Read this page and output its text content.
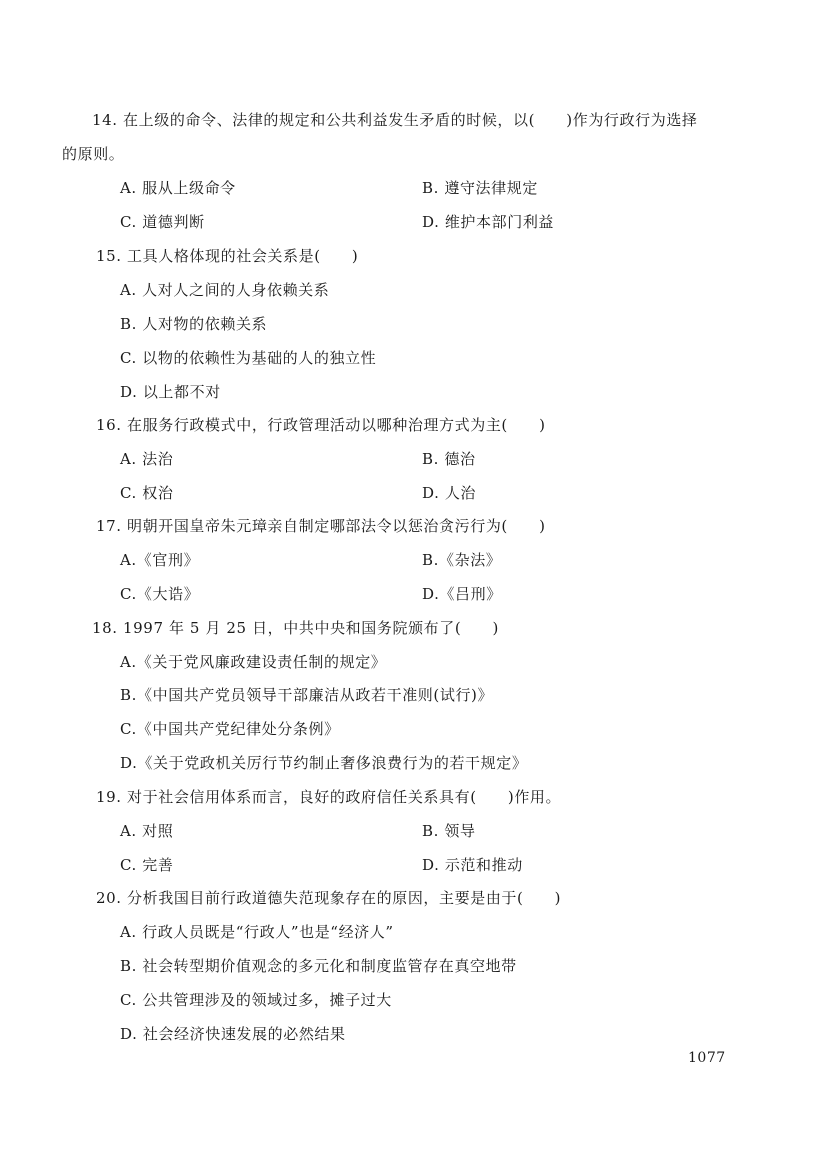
14. 在上级的命令、法律的规定和公共利益发生矛盾的时候，以(　　)作为行政行为选择
的原则。
A. 服从上级命令	B. 遵守法律规定
C. 道德判断	D. 维护本部门利益
15. 工具人格体现的社会关系是(　　)
A. 人对人之间的人身依赖关系
B. 人对物的依赖关系
C. 以物的依赖性为基础的人的独立性
D. 以上都不对
16. 在服务行政模式中，行政管理活动以哪种治理方式为主(　　)
A. 法治	B. 德治
C. 权治	D. 人治
17. 明朝开国皇帝朱元璋亲自制定哪部法令以惩治贪污行为(　　)
A.《官刑》	B.《杂法》
C.《大诰》	D.《吕刑》
18. 1997 年 5 月 25 日，中共中央和国务院颁布了(　　)
A.《关于党风廉政建设责任制的规定》
B.《中国共产党员领导干部廉洁从政若干准则(试行)》
C.《中国共产党纪律处分条例》
D.《关于党政机关厉行节约制止奢侈浪费行为的若干规定》
19. 对于社会信用体系而言，良好的政府信任关系具有(　　)作用。
A. 对照	B. 领导
C. 完善	D. 示范和推动
20. 分析我国目前行政道德失范现象存在的原因，主要是由于(　　)
A. 行政人员既是“行政人”也是“经济人”
B. 社会转型期价值观念的多元化和制度监管存在真空地带
C. 公共管理涉及的领域过多，摊子过大
D. 社会经济快速发展的必然结果
1077
